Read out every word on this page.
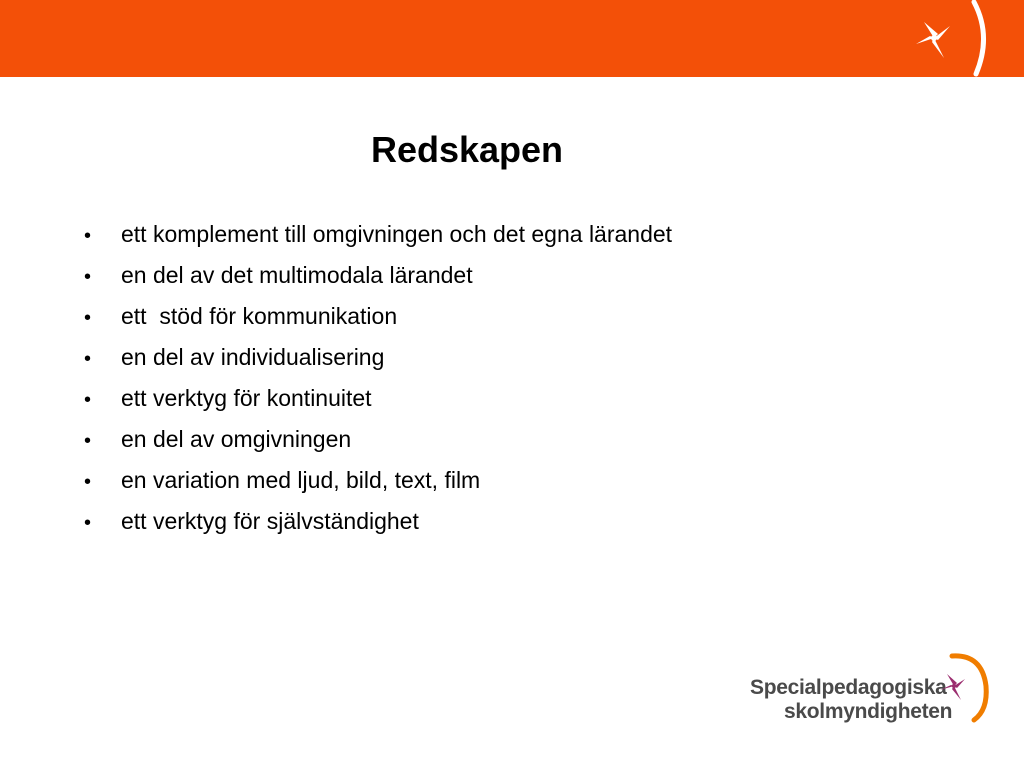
Redskapen
•	ett komplement till omgivningen och det egna lärandet
•	en del av det multimodala lärandet
•	ett  stöd för kommunikation
•	en del av individualisering
•	ett verktyg för kontinuitet
•	en del av omgivningen
•	en variation med ljud, bild, text, film
•	ett verktyg för självständighet
Specialpedagogiska
skolmyndigheten
